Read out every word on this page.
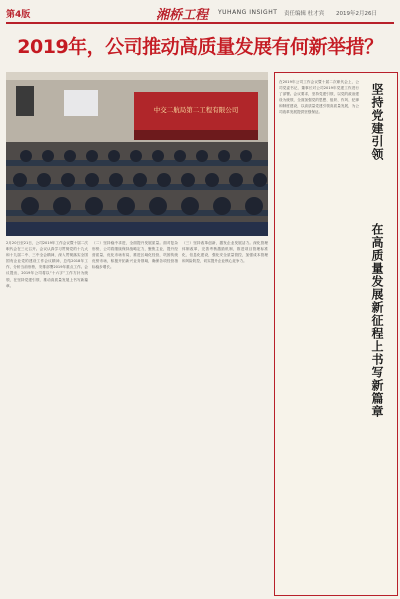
第4版	湘桥工程 YUHANG INSIGHT 责任编辑 杜才宾 2019年2月26日
2019年，公司推动高质量发展有何新举措？
中交二航局第二工程有限公司
2月20日至21日，公司2019年工作会议暨十届二次职代会在三元召开。会议认真学习贯彻党的十九大和十九届二中、三中全会精神，深入贯彻落实全国国有企业党的建设工作会议精神，总结2018年工作，分析当前形势，安排部署2019年重点工作。会议提出，2019年公司将以“十六字”工作方针为统领，在坚持党建引领、推动高质量发展上书写新篇章。
（二）坚持稳中求进，全面提升发展质量。面对复杂形势，公司将继续保持战略定力，聚焦主业，提升经营质量，优化市场布局，推进区域化经营，巩固传统优势市场，积极开拓新兴业务领域，确保各项经营指标稳步增长。
（三）坚持改革创新，激发企业发展活力。深化管理体制改革，完善考核激励机制，推进项目管理标准化、信息化建设，强化安全质量管控，加强成本管理和风险防控，切实提升企业核心竞争力。
在2019年公司工作会议暨十届二次职代会上，公司党委书记、董事长对公司2019年党建工作进行了部署。会议要求，坚持党建引领，以党的政治建设为统领，全面加强党的思想、组织、作风、纪律和制度建设，以高质量党建引领高质量发展，为公司改革发展提供坚强保证。	坚持党建引领
在高质量发展新征程上书写新篇章
